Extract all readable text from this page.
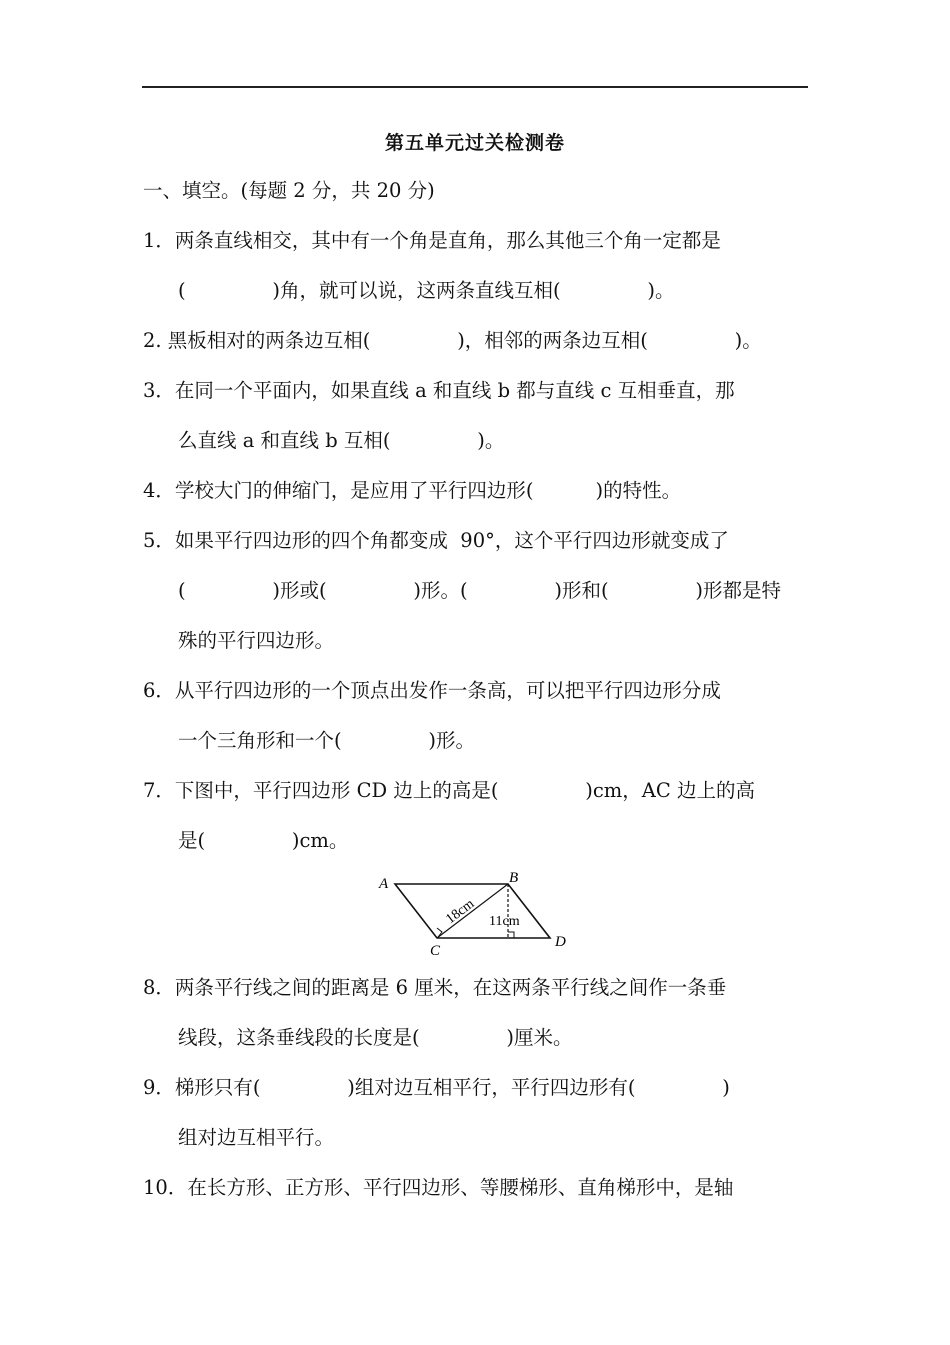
第五单元过关检测卷
一、填空。(每题 2 分，共 20 分)
1．两条直线相交，其中有一个角是直角，那么其他三个角一定都是
(              )角，就可以说，这两条直线互相(              )。
2. 黑板相对的两条边互相(              )，相邻的两条边互相(              )。
3．在同一个平面内，如果直线 a 和直线 b 都与直线 c 互相垂直，那
么直线 a 和直线 b 互相(              )。
4．学校大门的伸缩门，是应用了平行四边形(          )的特性。
5．如果平行四边形的四个角都变成  90°，这个平行四边形就变成了
(              )形或(              )形。(              )形和(              )形都是特
殊的平行四边形。
6．从平行四边形的一个顶点出发作一条高，可以把平行四边形分成
一个三角形和一个(              )形。
7．下图中，平行四边形 CD 边上的高是(              )cm，AC 边上的高
是(              )cm。
A	B
C
D
18cm 11cm
8．两条平行线之间的距离是 6 厘米，在这两条平行线之间作一条垂
线段，这条垂线段的长度是(              )厘米。
9．梯形只有(              )组对边互相平行，平行四边形有(              )
组对边互相平行。
10．在长方形、正方形、平行四边形、等腰梯形、直角梯形中，是轴
